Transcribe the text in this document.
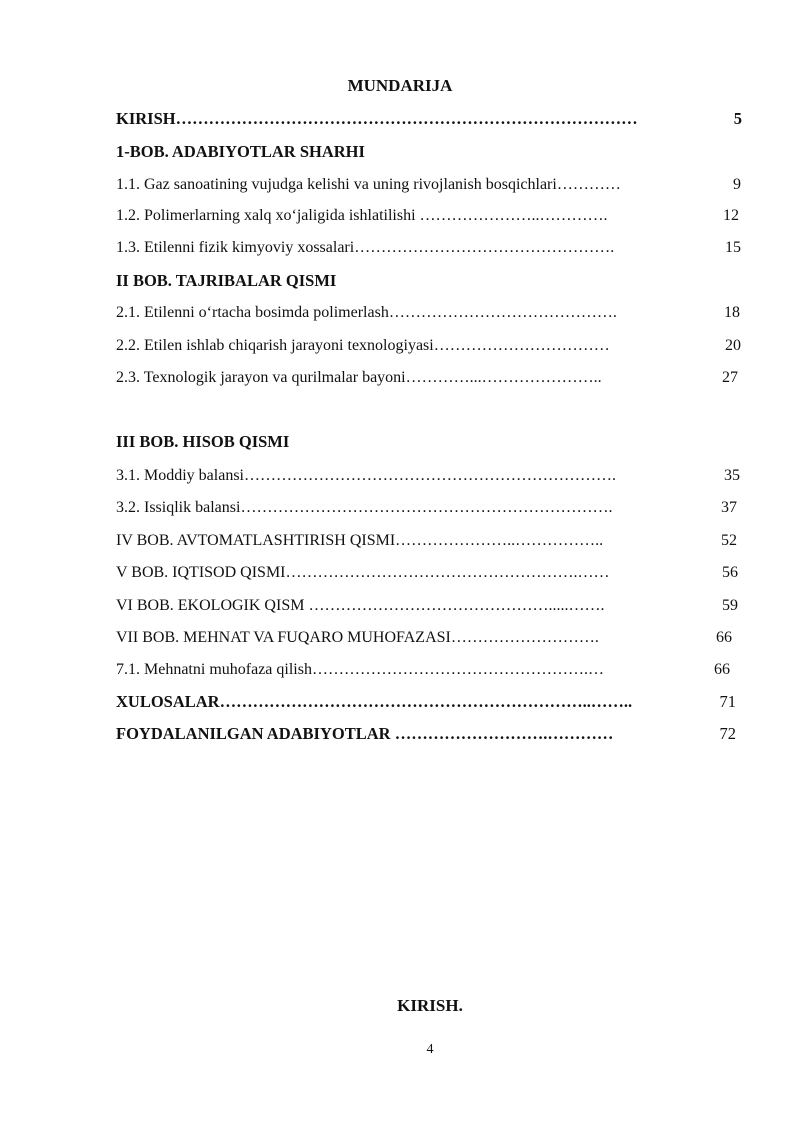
MUNDARIJA
KIRISH…………………………………………………………………………	5
1-BOB. ADABIYOTLAR SHARHI
1.1. Gaz sanoatining vujudga kelishi va uning rivojlanish bosqichlari…………	9
1.2. Polimerlarning xalq xo‘jaligida ishlatilishi …………………..………….	12
1.3. Etilenni fizik kimyoviy xossalari………………………………………….	15
II BOB. TAJRIBALAR QISMI
2.1. Etilenni o‘rtacha bosimda polimerlash…………………………………….	18
2.2. Etilen ishlab chiqarish jarayoni texnologiyasi……………………………	20
2.3. Texnologik jarayon va qurilmalar bayoni…………...…………………..	27
III BOB. HISOB QISMI
3.1. Moddiy balansi…………………………………………………………….	35
3.2. Issiqlik balansi…………………………………………………………….	37
IV BOB. AVTOMATLASHTIRISH QISMI…………………..……………..	52
V BOB. IQTISOD QISMI……………………………………………….……	56
VI BOB. EKOLOGIK QISM ……………………………………….....…….	59
VII BOB. MEHNAT VA FUQARO MUHOFAZASI……………………….	66
7.1. Mehnatni muhofaza qilish…………………………………………….…	66
XULOSALAR…………………………………………………………..……..	71
FOYDALANILGAN ADABIYOTLAR ……………………….…………	72
KIRISH.
4
